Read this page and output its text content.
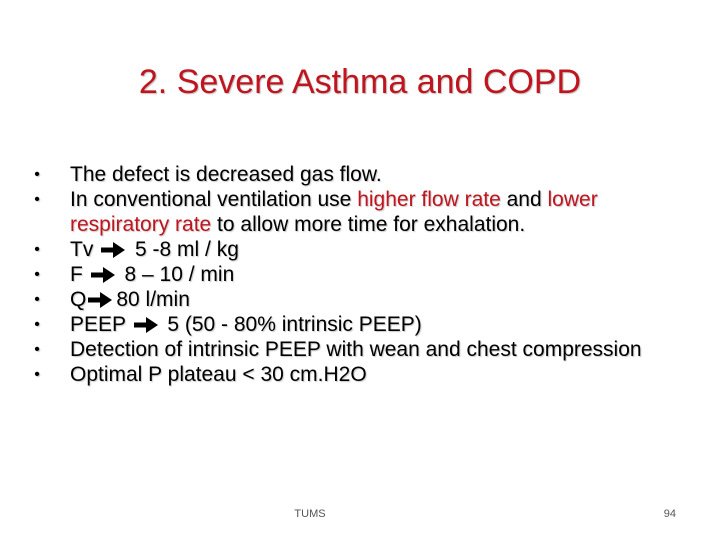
2. Severe Asthma and COPD
•	The defect is decreased gas flow.
•	In conventional ventilation use higher flow rate and lower respiratory rate to allow more time for exhalation.
•	Tv 5 -8 ml / kg
•	F 8 – 10 / min
•	Q 80 l/min
•	PEEP 5 (50 - 80% intrinsic PEEP)
•	Detection of intrinsic PEEP with wean and chest compression
•	Optimal P plateau < 30 cm.H2O
TUMS	94
